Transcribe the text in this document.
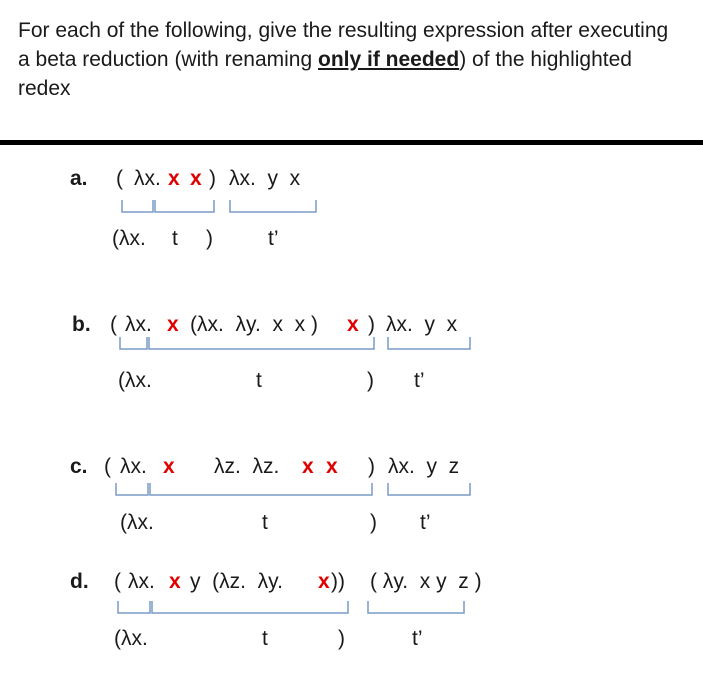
For each of the following, give the resulting expression after executing a beta reduction (with renaming only if needed) of the highlighted redex

a. ( λx. x x ) λx.  y  x
(λx. t )	t’
b. ( λx. x (λx.  λy.  x  x ) x ) λx.  y  x
(λx.	t	) t’
c. ( λx. x λz.  λz. x x ) λx.  y  z
(λx.	t	) t’
d. ( λx. x y  (λz.  λy. x )) ( λy.  x y  z )
(λx.	t	)	t’
